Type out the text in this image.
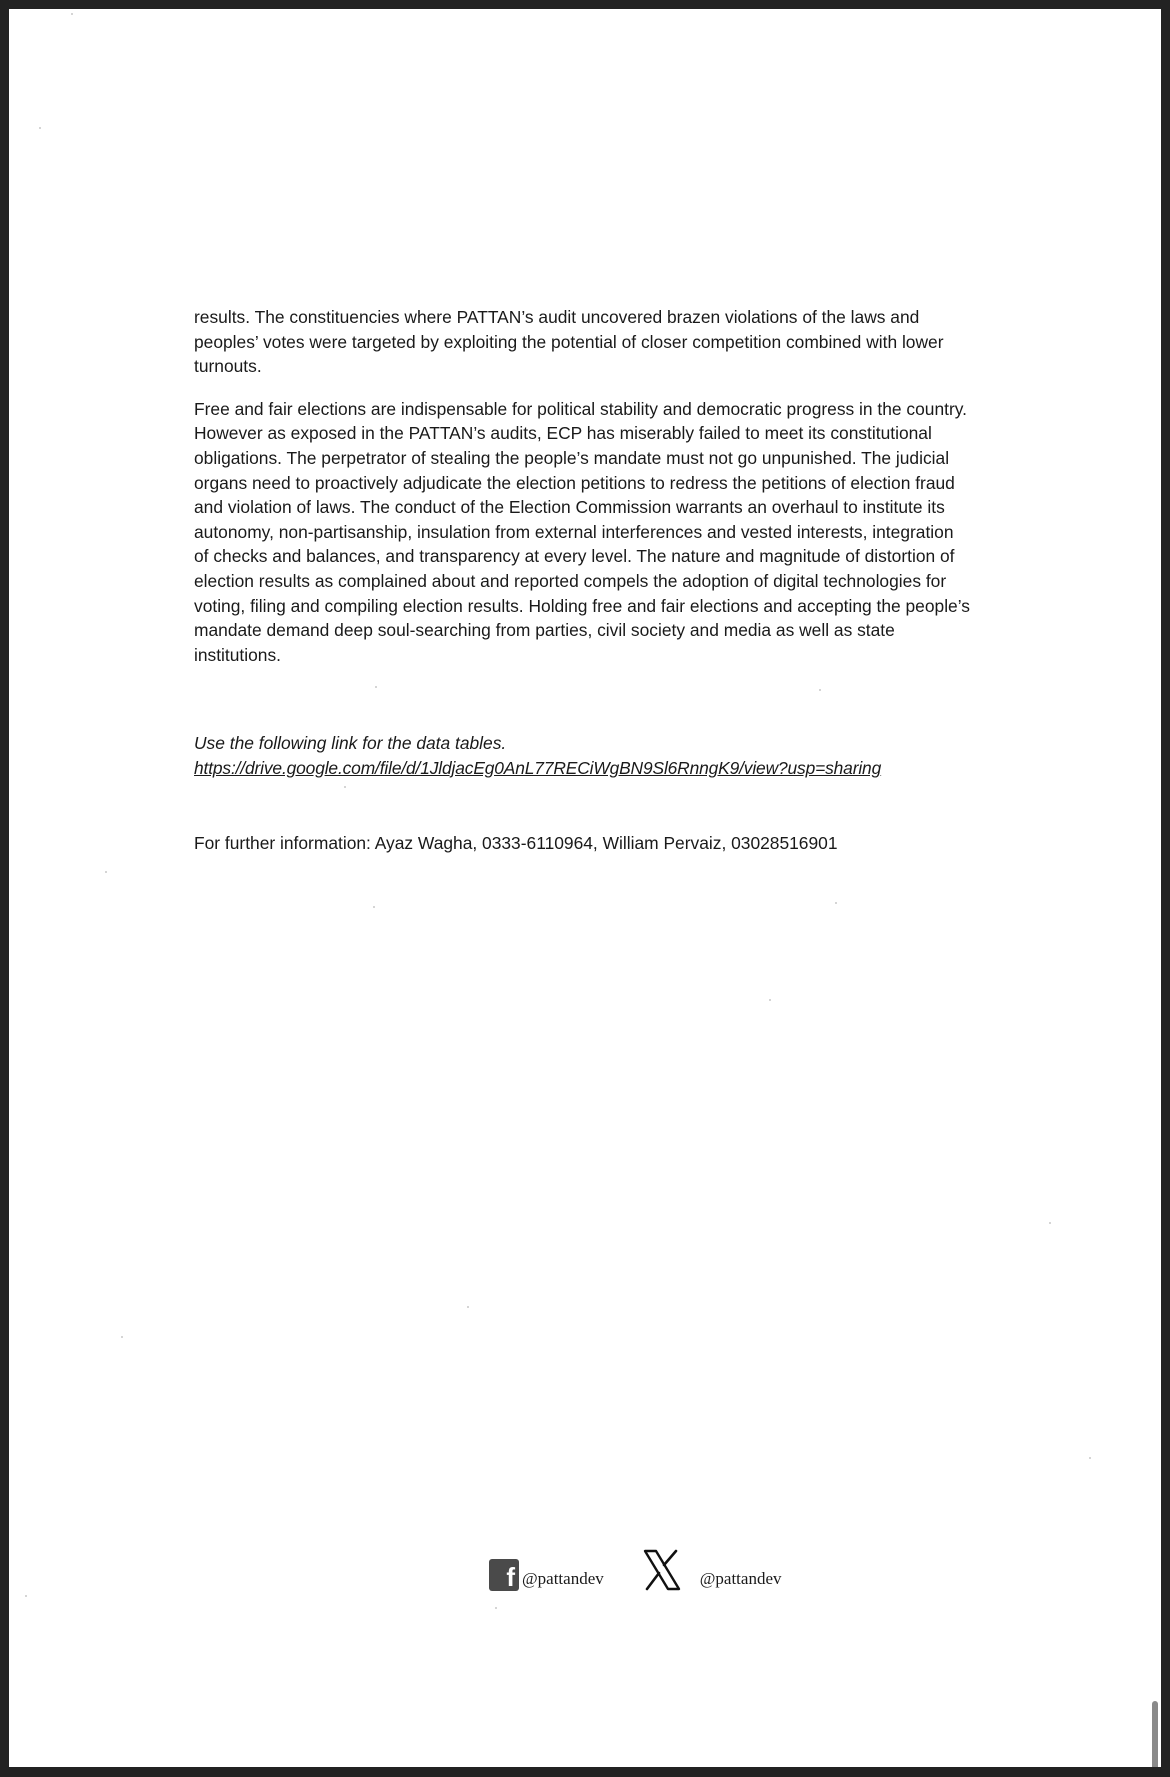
results. The constituencies where PATTAN’s audit uncovered brazen violations of the laws and
peoples’ votes were targeted by exploiting the potential of closer competition combined with lower
turnouts.

Free and fair elections are indispensable for political stability and democratic progress in the country.
However as exposed in the PATTAN’s audits, ECP has miserably failed to meet its constitutional
obligations. The perpetrator of stealing the people’s mandate must not go unpunished. The judicial
organs need to proactively adjudicate the election petitions to redress the petitions of election fraud
and violation of laws. The conduct of the Election Commission warrants an overhaul to institute its
autonomy, non-partisanship, insulation from external interferences and vested interests, integration
of checks and balances, and transparency at every level. The nature and magnitude of distortion of
election results as complained about and reported compels the adoption of digital technologies for
voting, filing and compiling election results. Holding free and fair elections and accepting the people’s
mandate demand deep soul-searching from parties, civil society and media as well as state
institutions.

Use the following link for the data tables.
https://drive.google.com/file/d/1JldjacEg0AnL77RECiWgBN9Sl6RnngK9/view?usp=sharing
For further information: Ayaz Wagha, 0333-6110964, William Pervaiz, 03028516901
f @pattandev	@pattandev
